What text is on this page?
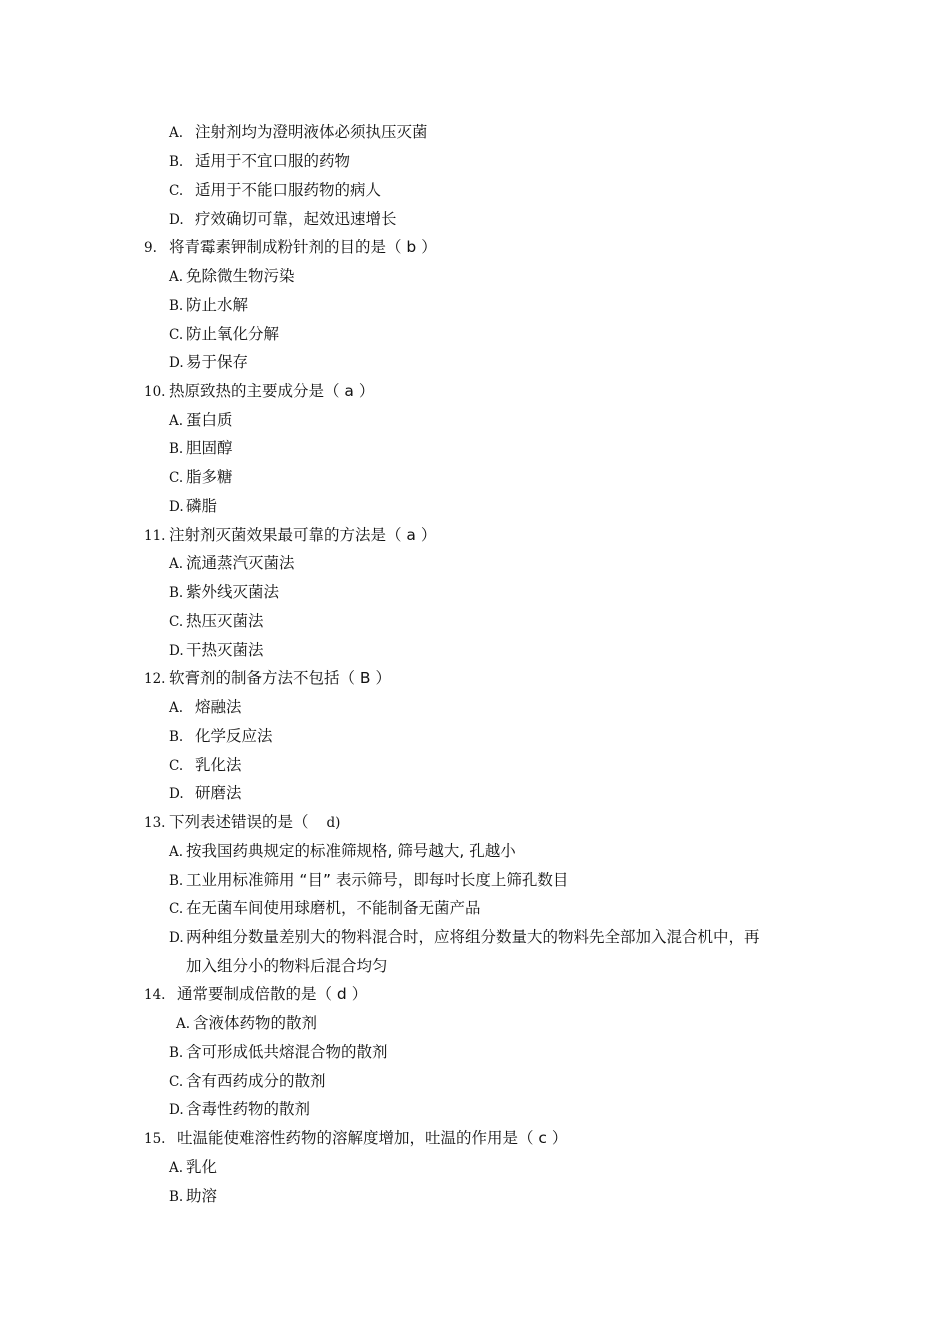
A. 注射剂均为澄明液体必须执压灭菌
B. 适用于不宜口服的药物
C. 适用于不能口服药物的病人
D. 疗效确切可靠，起效迅速增长
9. 将青霉素钾制成粉针剂的目的是（ b ）
A. 免除微生物污染
B. 防止水解
C. 防止氧化分解
D. 易于保存
10. 热原致热的主要成分是（ a ）
A. 蛋白质
B. 胆固醇
C. 脂多糖
D. 磷脂
11. 注射剂灭菌效果最可靠的方法是（ a ）
A. 流通蒸汽灭菌法
B. 紫外线灭菌法
C. 热压灭菌法
D. 干热灭菌法
12. 软膏剂的制备方法不包括（ B ）
A. 熔融法
B. 化学反应法
C. 乳化法
D. 研磨法
13. 下列表述错误的是（ d)
A. 按我国药典规定的标准筛规格, 筛号越大, 孔越小
B. 工业用标准筛用 “目” 表示筛号，即每吋长度上筛孔数目
C. 在无菌车间使用球磨机，不能制备无菌产品
D. 两种组分数量差别大的物料混合时，应将组分数量大的物料先全部加入混合机中，再
加入组分小的物料后混合均匀
14. 通常要制成倍散的是（ d ）
A. 含液体药物的散剂
B. 含可形成低共熔混合物的散剂
C. 含有西药成分的散剂
D. 含毒性药物的散剂
15. 吐温能使难溶性药物的溶解度增加，吐温的作用是（ c ）
A. 乳化
B. 助溶
